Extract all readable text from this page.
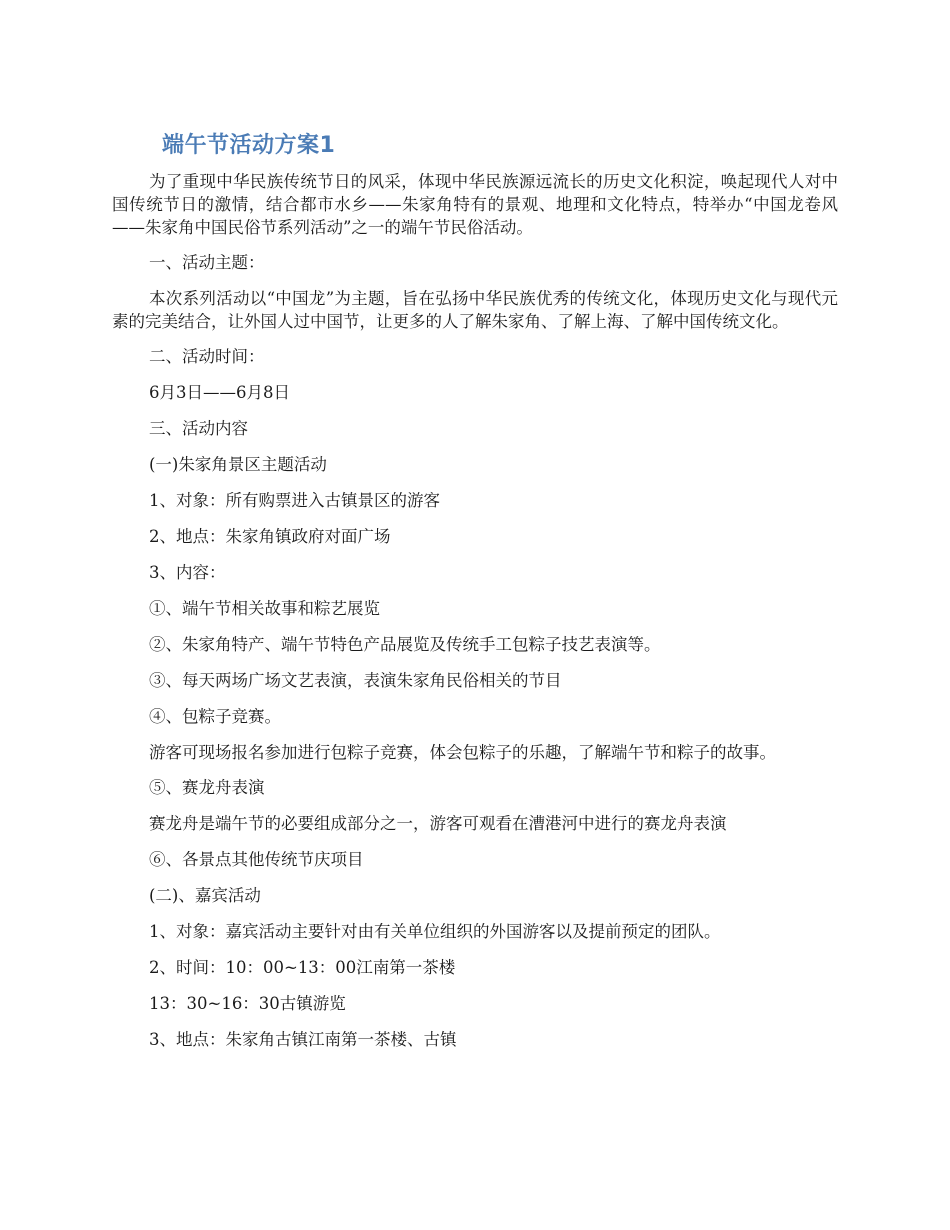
端午节活动方案1

为了重现中华民族传统节日的风采，体现中华民族源远流长的历史文化积淀，唤起现代人对中国传统节日的激情，结合都市水乡——朱家角特有的景观、地理和文化特点，特举办“中国龙卷风——朱家角中国民俗节系列活动”之一的端午节民俗活动。

一、活动主题：

本次系列活动以“中国龙”为主题，旨在弘扬中华民族优秀的传统文化，体现历史文化与现代元素的完美结合，让外国人过中国节，让更多的人了解朱家角、了解上海、了解中国传统文化。

二、活动时间：

6月3日——6月8日

三、活动内容

(一)朱家角景区主题活动

1、对象：所有购票进入古镇景区的游客

2、地点：朱家角镇政府对面广场

3、内容：

①、端午节相关故事和粽艺展览

②、朱家角特产、端午节特色产品展览及传统手工包粽子技艺表演等。

③、每天两场广场文艺表演，表演朱家角民俗相关的节目

④、包粽子竞赛。

游客可现场报名参加进行包粽子竞赛，体会包粽子的乐趣，了解端午节和粽子的故事。

⑤、赛龙舟表演

赛龙舟是端午节的必要组成部分之一，游客可观看在漕港河中进行的赛龙舟表演

⑥、各景点其他传统节庆项目

(二)、嘉宾活动

1、对象：嘉宾活动主要针对由有关单位组织的外国游客以及提前预定的团队。

2、时间：10：00~13：00江南第一茶楼

13：30~16：30古镇游览

3、地点：朱家角古镇江南第一茶楼、古镇
